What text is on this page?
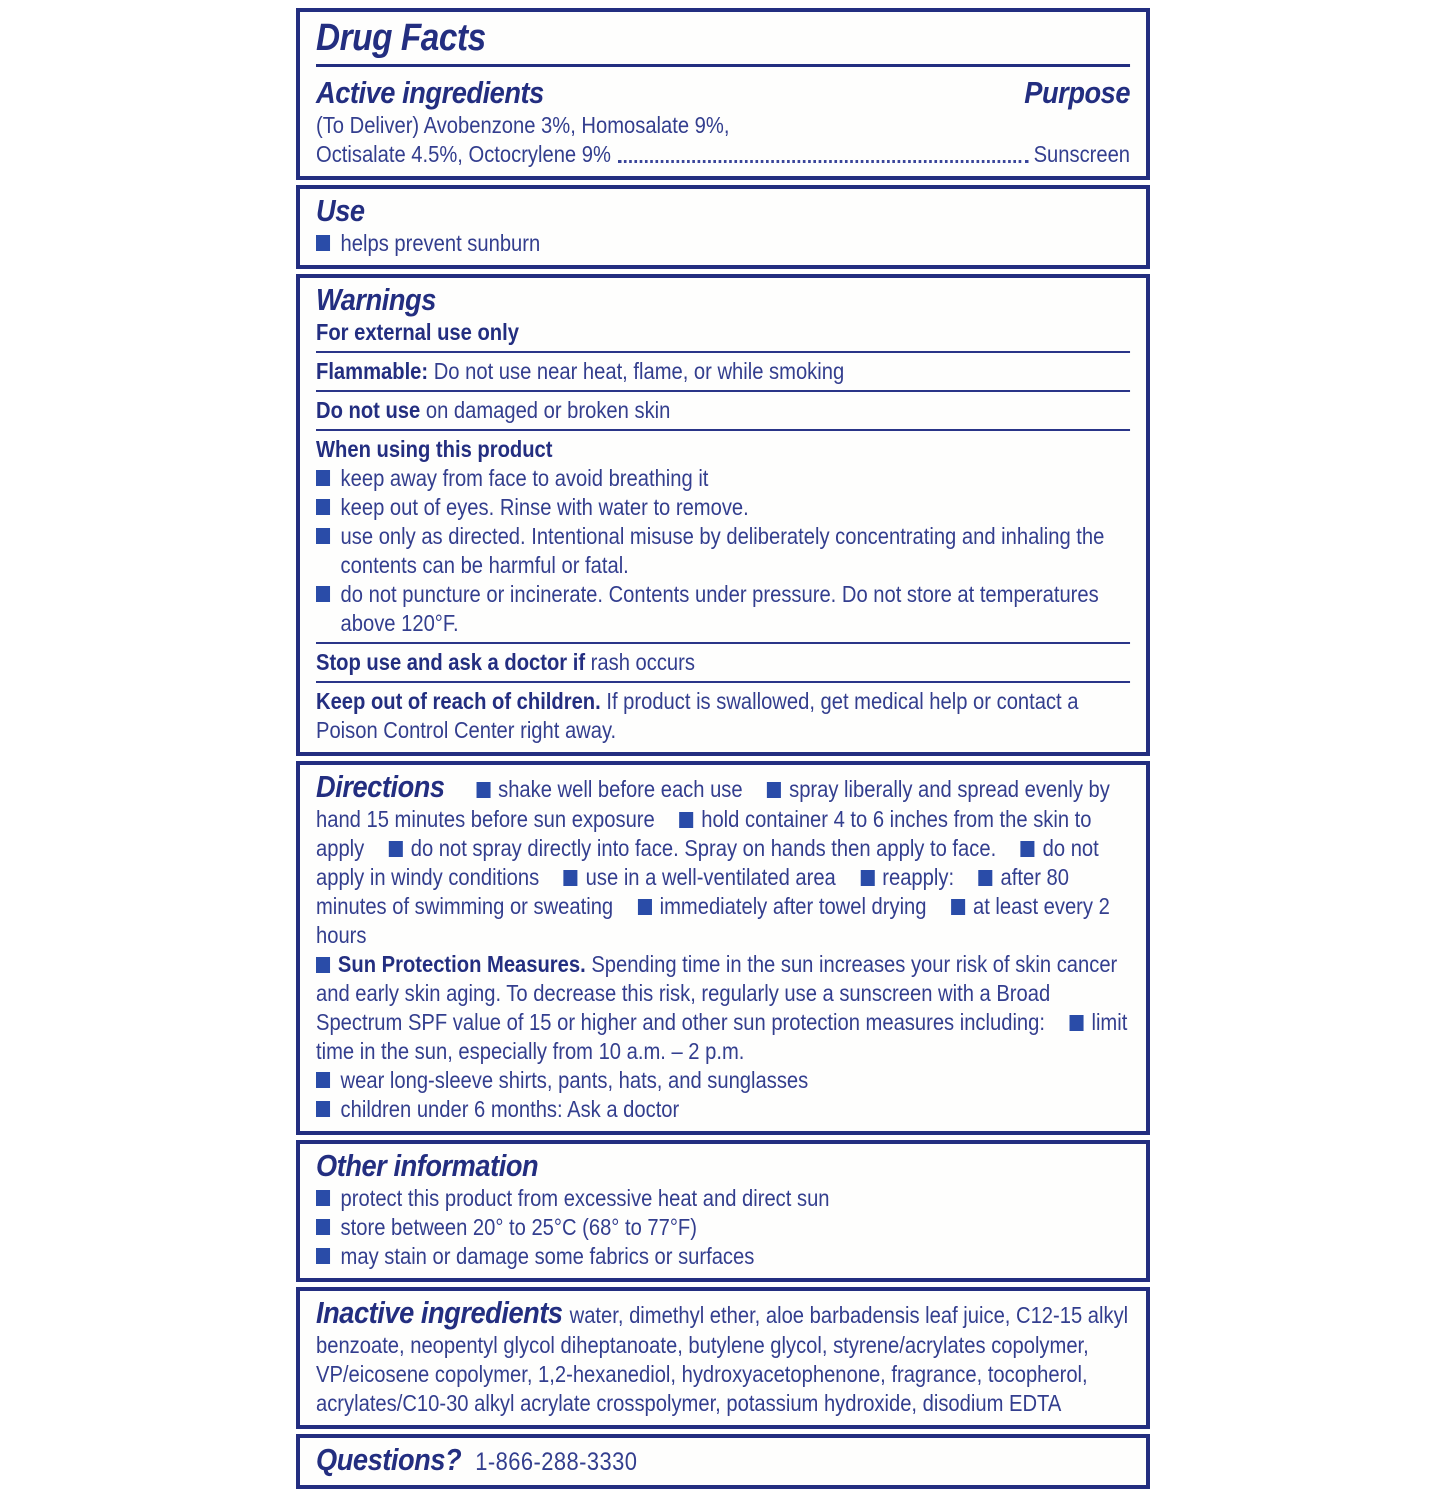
Drug Facts
Active ingredients	Purpose

(To Deliver) Avobenzone 3%, Homosalate 9%,

Octisalate 4.5%, Octocrylene 9%	Sunscreen
Use

helps prevent sunburn

Warnings

For external use only

Flammable: Do not use near heat, flame, or while smoking

Do not use on damaged or broken skin

When using this product

keep away from face to avoid breathing it

keep out of eyes. Rinse with water to remove.

use only as directed. Intentional misuse by deliberately concentrating and inhaling the contents can be harmful or fatal.

do not puncture or incinerate. Contents under pressure. Do not store at temperatures above 120°F.

Stop use and ask a doctor if rash occurs

Keep out of reach of children. If product is swallowed, get medical help or contact a Poison Control Center right away.

Directions shake well before each use spray liberally and spread evenly by hand 15 minutes before sun exposure hold container 4 to 6 inches from the skin to apply do not spray directly into face. Spray on hands then apply to face. do not apply in windy conditions use in a well-ventilated area reapply: after 80 minutes of swimming or sweating immediately after towel drying at least every 2 hours

Sun Protection Measures. Spending time in the sun increases your risk of skin cancer and early skin aging. To decrease this risk, regularly use a sunscreen with a Broad Spectrum SPF value of 15 or higher and other sun protection measures including: limit time in the sun, especially from 10 a.m. – 2 p.m.

wear long-sleeve shirts, pants, hats, and sunglasses

children under 6 months: Ask a doctor

Other information

protect this product from excessive heat and direct sun

store between 20° to 25°C (68° to 77°F)

may stain or damage some fabrics or surfaces

Inactive ingredients water, dimethyl ether, aloe barbadensis leaf juice, C12-15 alkyl benzoate, neopentyl glycol diheptanoate, butylene glycol, styrene/acrylates copolymer, VP/eicosene copolymer, 1,2-hexanediol, hydroxyacetophenone, fragrance, tocopherol, acrylates/C10-30 alkyl acrylate crosspolymer, potassium hydroxide, disodium EDTA

Questions? 1-866-288-3330
